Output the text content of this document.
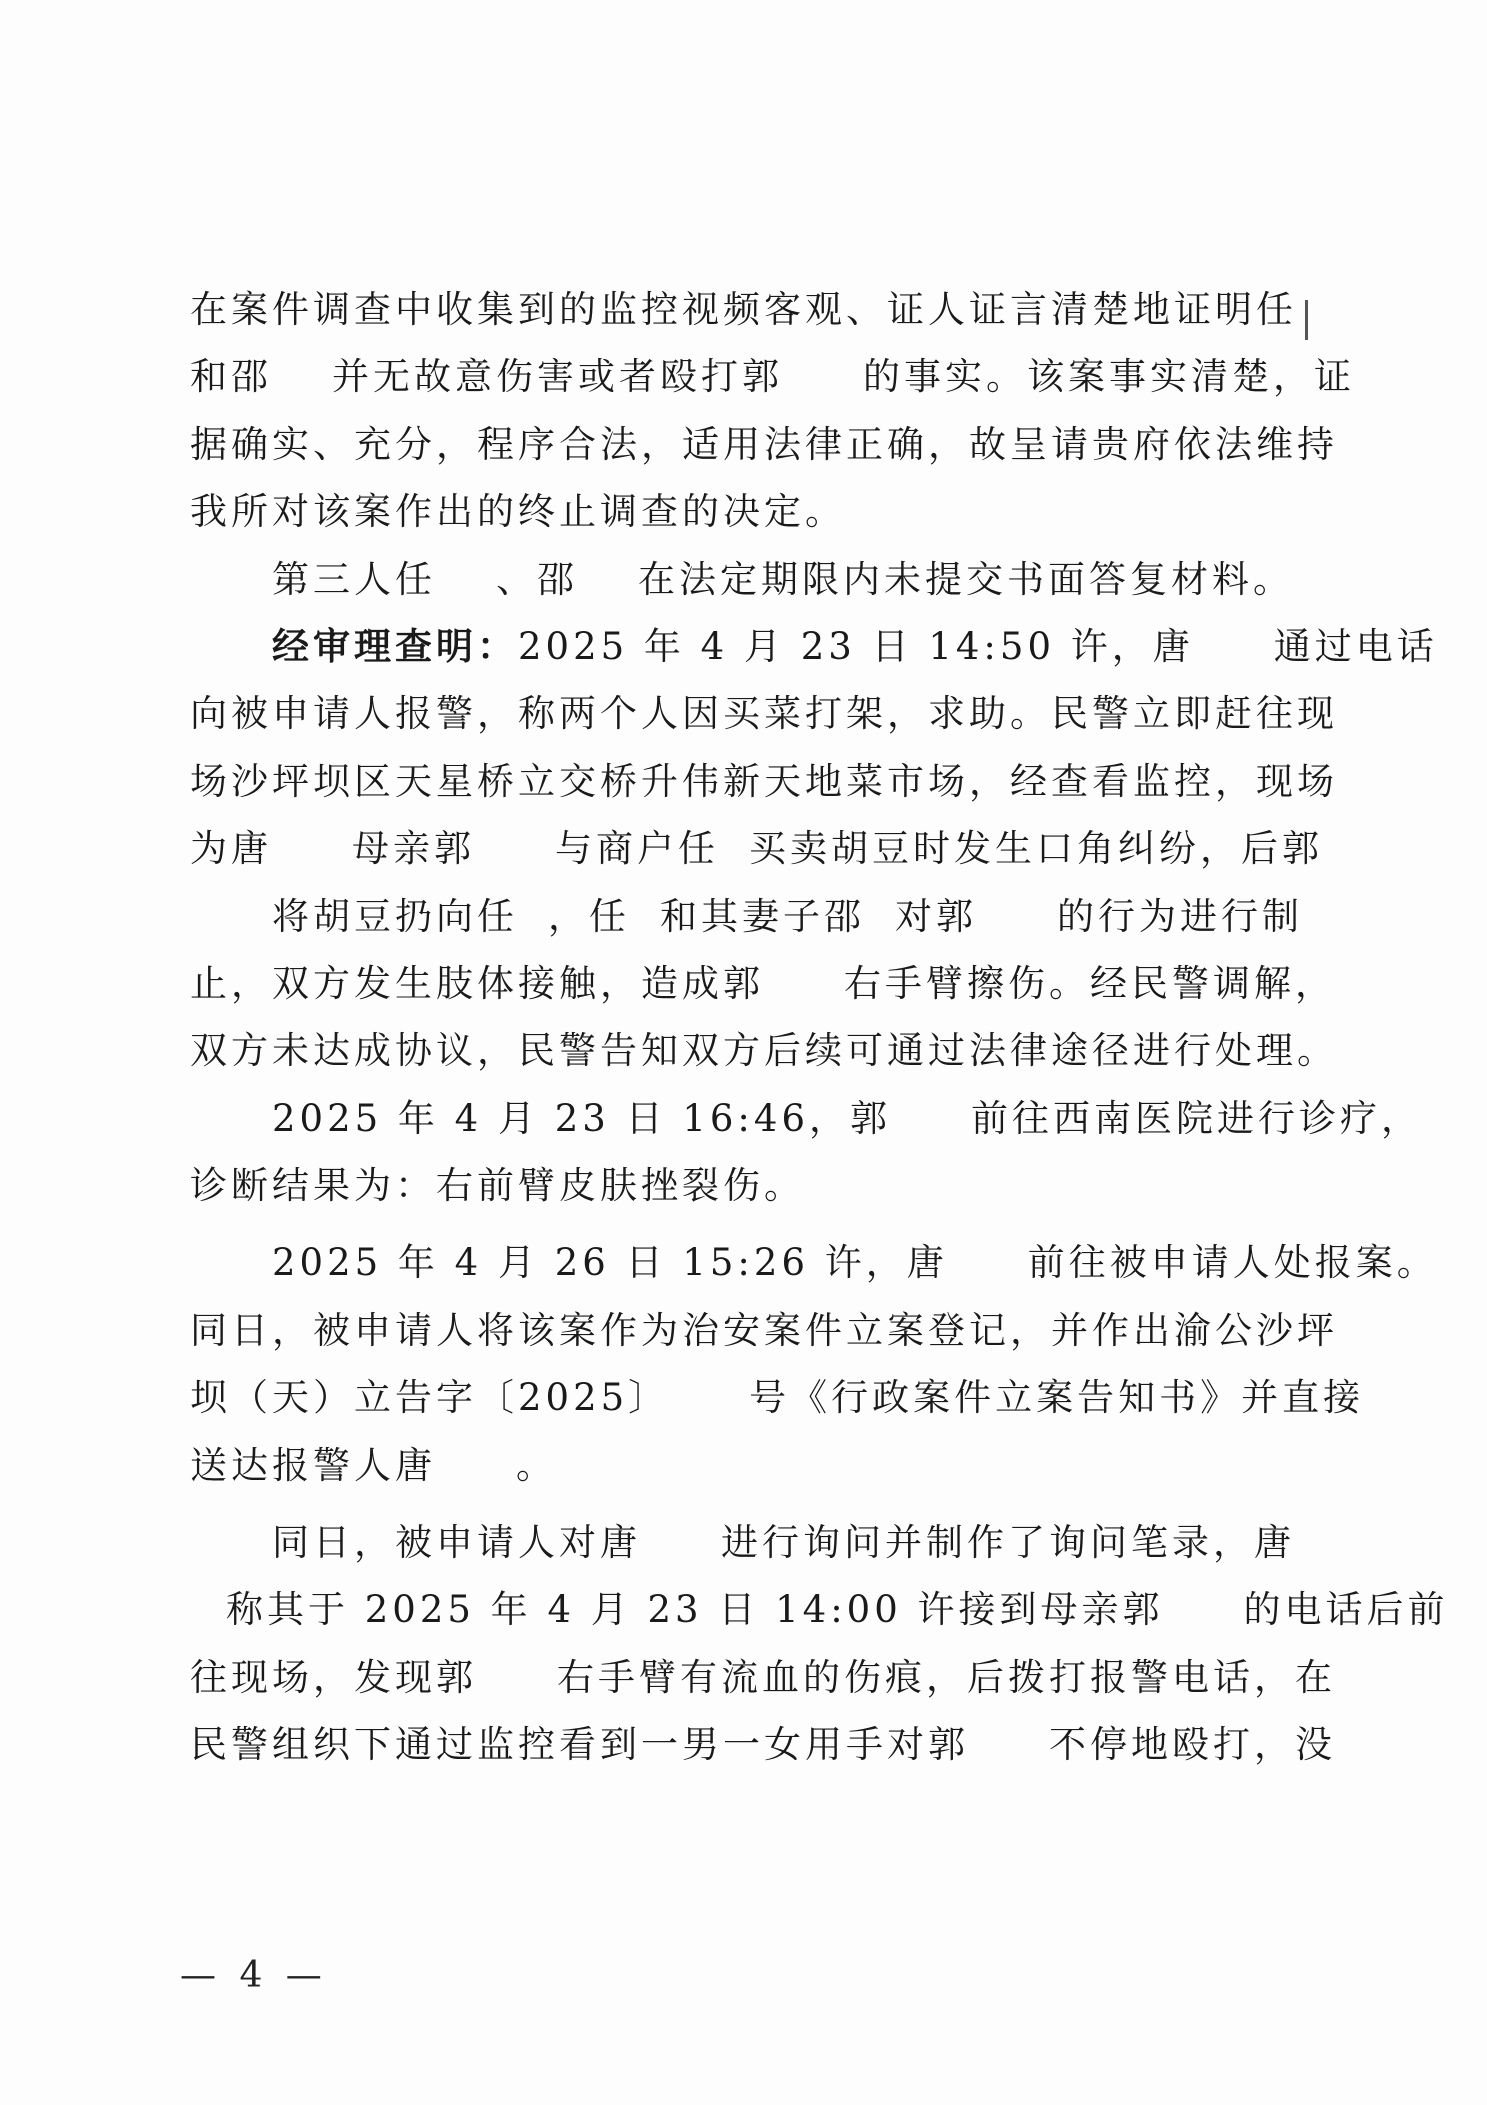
在案件调查中收集到的监控视频客观、证人证言清楚地证明任
和邵 并无故意伤害或者殴打郭 的事实。该案事实清楚，证
据确实、充分，程序合法，适用法律正确，故呈请贵府依法维持
我所对该案作出的终止调查的决定。
第三人任 、邵 在法定期限内未提交书面答复材料。
经审理查明：2025 年 4 月 23 日 14:50 许，唐 通过电话
向被申请人报警，称两个人因买菜打架，求助。民警立即赶往现
场沙坪坝区天星桥立交桥升伟新天地菜市场，经查看监控，现场
为唐 母亲郭 与商户任 买卖胡豆时发生口角纠纷，后郭
将胡豆扔向任 ，任 和其妻子邵 对郭 的行为进行制
止，双方发生肢体接触，造成郭 右手臂擦伤。经民警调解，
双方未达成协议，民警告知双方后续可通过法律途径进行处理。
2025 年 4 月 23 日 16:46，郭 前往西南医院进行诊疗，
诊断结果为：右前臂皮肤挫裂伤。
2025 年 4 月 26 日 15:26 许，唐 前往被申请人处报案。
同日，被申请人将该案作为治安案件立案登记，并作出渝公沙坪
坝（天）立告字〔2025〕 号《行政案件立案告知书》并直接
送达报警人唐 。
同日，被申请人对唐 进行询问并制作了询问笔录，唐
称其于 2025 年 4 月 23 日 14:00 许接到母亲郭 的电话后前
往现场，发现郭 右手臂有流血的伤痕，后拨打报警电话，在
民警组织下通过监控看到一男一女用手对郭 不停地殴打，没
— 4 —
